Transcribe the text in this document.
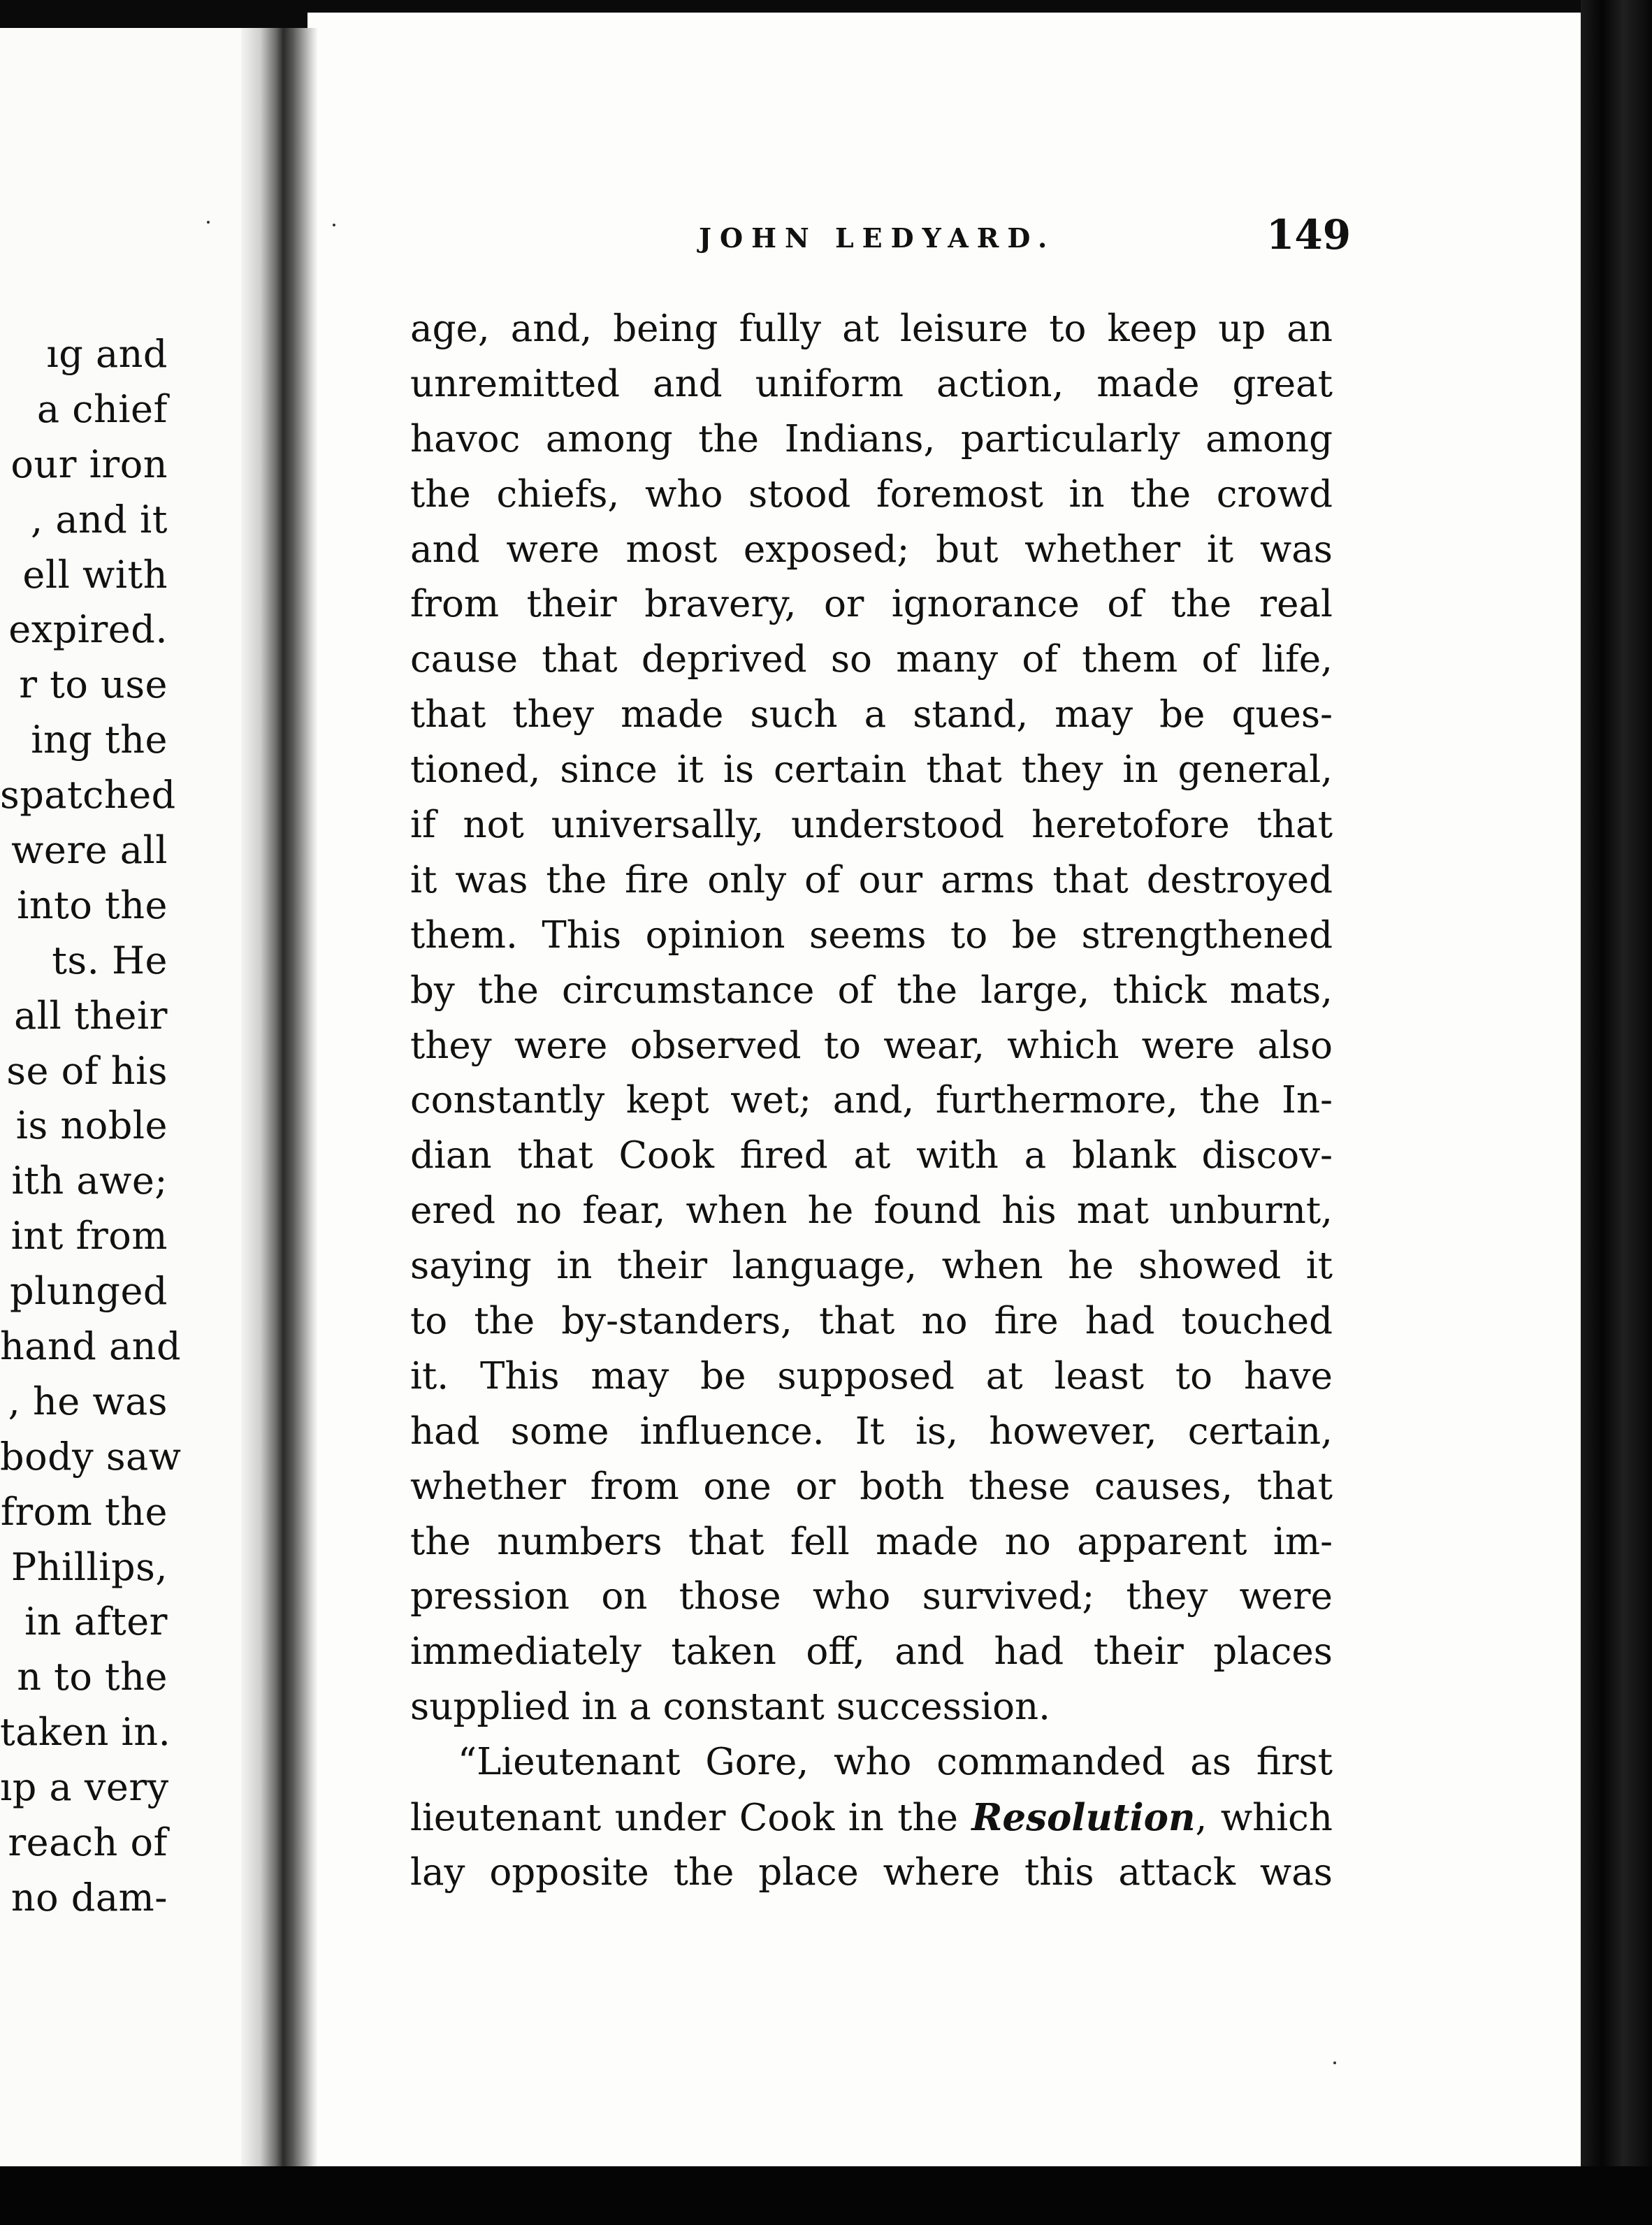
ıg and
a chief
our iron
, and it
ell with
expired.
r to use
ing the
spatched
were all
into the
ts. He
all their
se of his
is noble
ith awe;
int from
plunged
hand and
, he was
body saw
from the
Phillips,
in after
n to the
taken in.
ıp a very
reach of
no dam-
JOHN LEDYARD.	149
age, and, being fully at leisure to keep up an
unremitted and uniform action, made great
havoc among the Indians, particularly among
the chiefs, who stood foremost in the crowd
and were most exposed; but whether it was
from their bravery, or ignorance of the real
cause that deprived so many of them of life,
that they made such a stand, may be ques-
tioned, since it is certain that they in general,
if not universally, understood heretofore that
it was the fire only of our arms that destroyed
them. This opinion seems to be strengthened
by the circumstance of the large, thick mats,
they were observed to wear, which were also
constantly kept wet; and, furthermore, the In-
dian that Cook fired at with a blank discov-
ered no fear, when he found his mat unburnt,
saying in their language, when he showed it
to the by-standers, that no fire had touched
it. This may be supposed at least to have
had some influence. It is, however, certain,
whether from one or both these causes, that
the numbers that fell made no apparent im-
pression on those who survived; they were
immediately taken off, and had their places
supplied in a constant succession.
“Lieutenant Gore, who commanded as first
lieutenant under Cook in the Resolution, which
lay opposite the place where this attack was
